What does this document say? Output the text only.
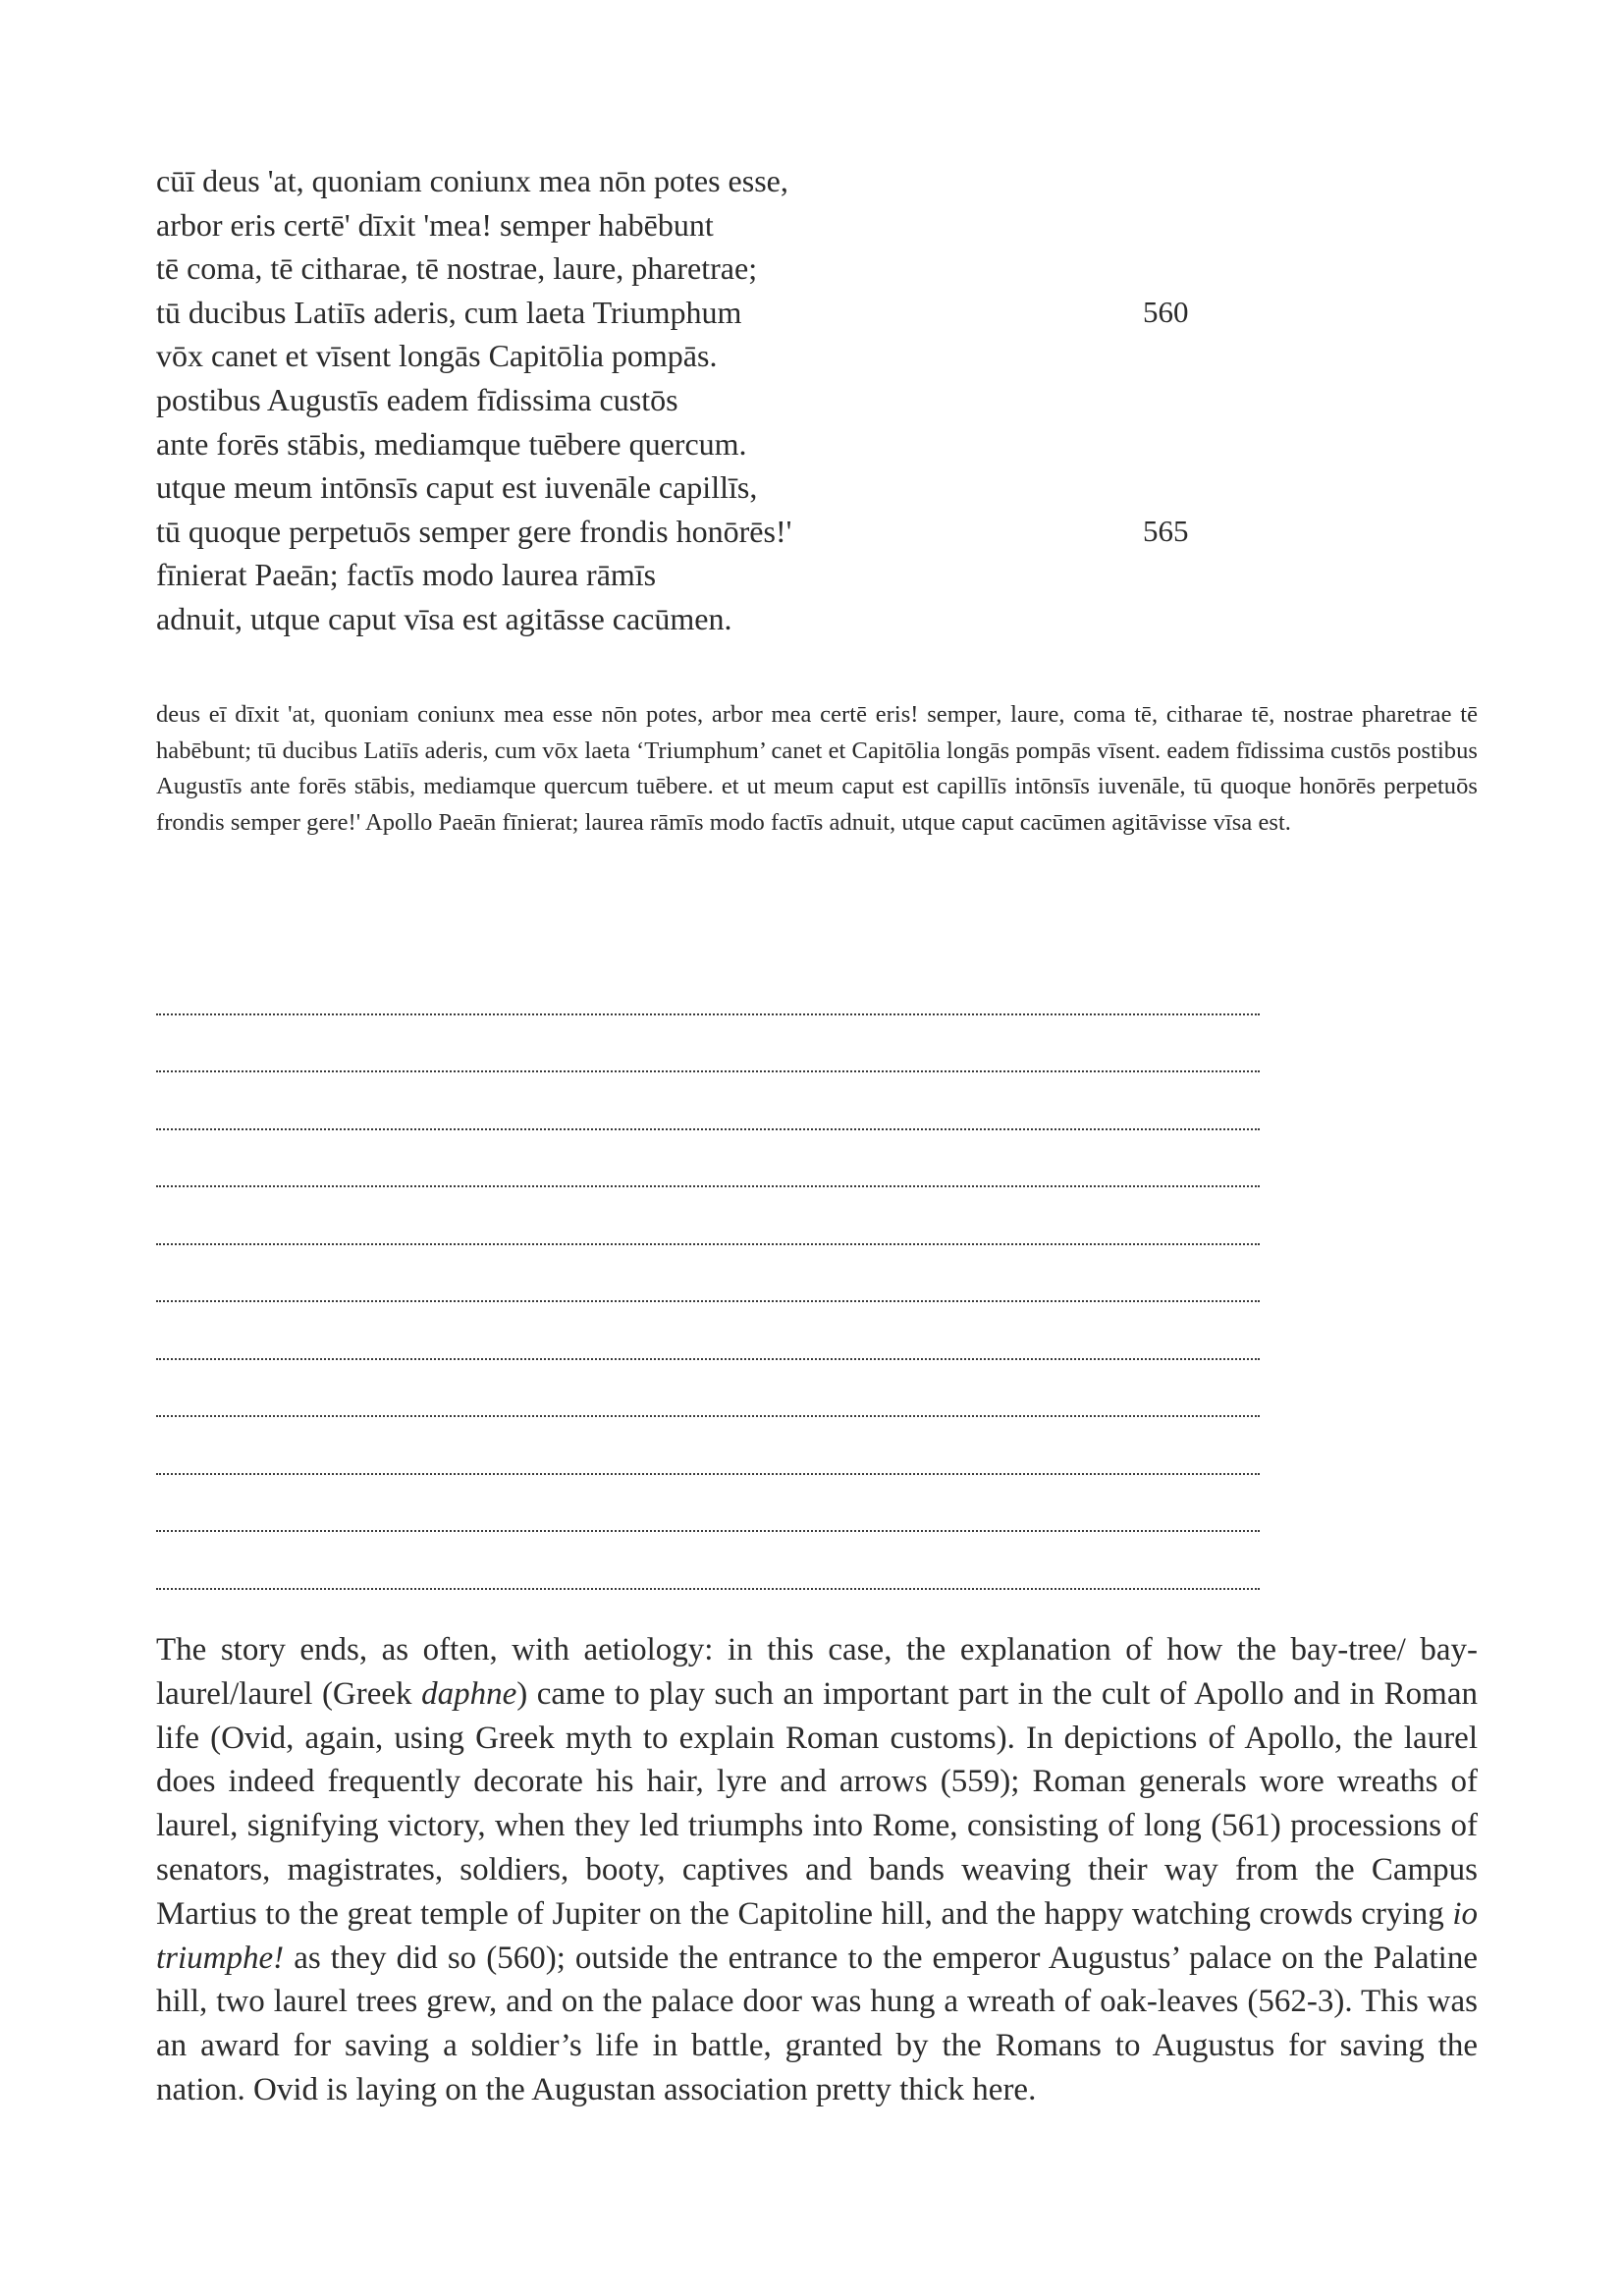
cūī deus 'at, quoniam coniunx mea nōn potes esse,
arbor eris certē' dīxit 'mea! semper habēbunt
tē coma, tē citharae, tē nostrae, laure, pharetrae;
tū ducibus Latiīs aderis, cum laeta Triumphum	560
vōx canet et vīsent longās Capitōlia pompās.
postibus Augustīs eadem fīdissima custōs
ante forēs stābis, mediamque tuēbere quercum.
utque meum intōnsīs caput est iuvenāle capillīs,
tū quoque perpetuōs semper gere frondis honōrēs!'	565
fīnierat Paeān; factīs modo laurea rāmīs
adnuit, utque caput vīsa est agitāsse cacūmen.

deus eī dīxit 'at, quoniam coniunx mea esse nōn potes, arbor mea certē eris! semper, laure, coma tē, citharae tē, nostrae pharetrae tē habēbunt; tū ducibus Latiīs aderis, cum vōx laeta ‘Triumphum’ canet et Capitōlia longās pompās vīsent. eadem fīdissima custōs postibus Augustīs ante forēs stābis, mediamque quercum tuēbere. et ut meum caput est capillīs intōnsīs iuvenāle, tū quoque honōrēs perpetuōs frondis semper gere!' Apollo Paeān fīnierat; laurea rāmīs modo factīs adnuit, utque caput cacūmen agitāvisse vīsa est.

The story ends, as often, with aetiology: in this case, the explanation of how the bay-tree/ bay-laurel/laurel (Greek daphne) came to play such an important part in the cult of Apollo and in Roman life (Ovid, again, using Greek myth to explain Roman customs). In depictions of Apollo, the laurel does indeed frequently decorate his hair, lyre and arrows (559); Roman generals wore wreaths of laurel, signifying victory, when they led triumphs into Rome, consisting of long (561) processions of senators, magistrates, soldiers, booty, captives and bands weaving their way from the Campus Martius to the great temple of Jupiter on the Capitoline hill, and the happy watching crowds crying io triumphe! as they did so (560); outside the entrance to the emperor Augustus’ palace on the Palatine hill, two laurel trees grew, and on the palace door was hung a wreath of oak-leaves (562-3). This was an award for saving a soldier’s life in battle, granted by the Romans to Augustus for saving the nation. Ovid is laying on the Augustan association pretty thick here.
